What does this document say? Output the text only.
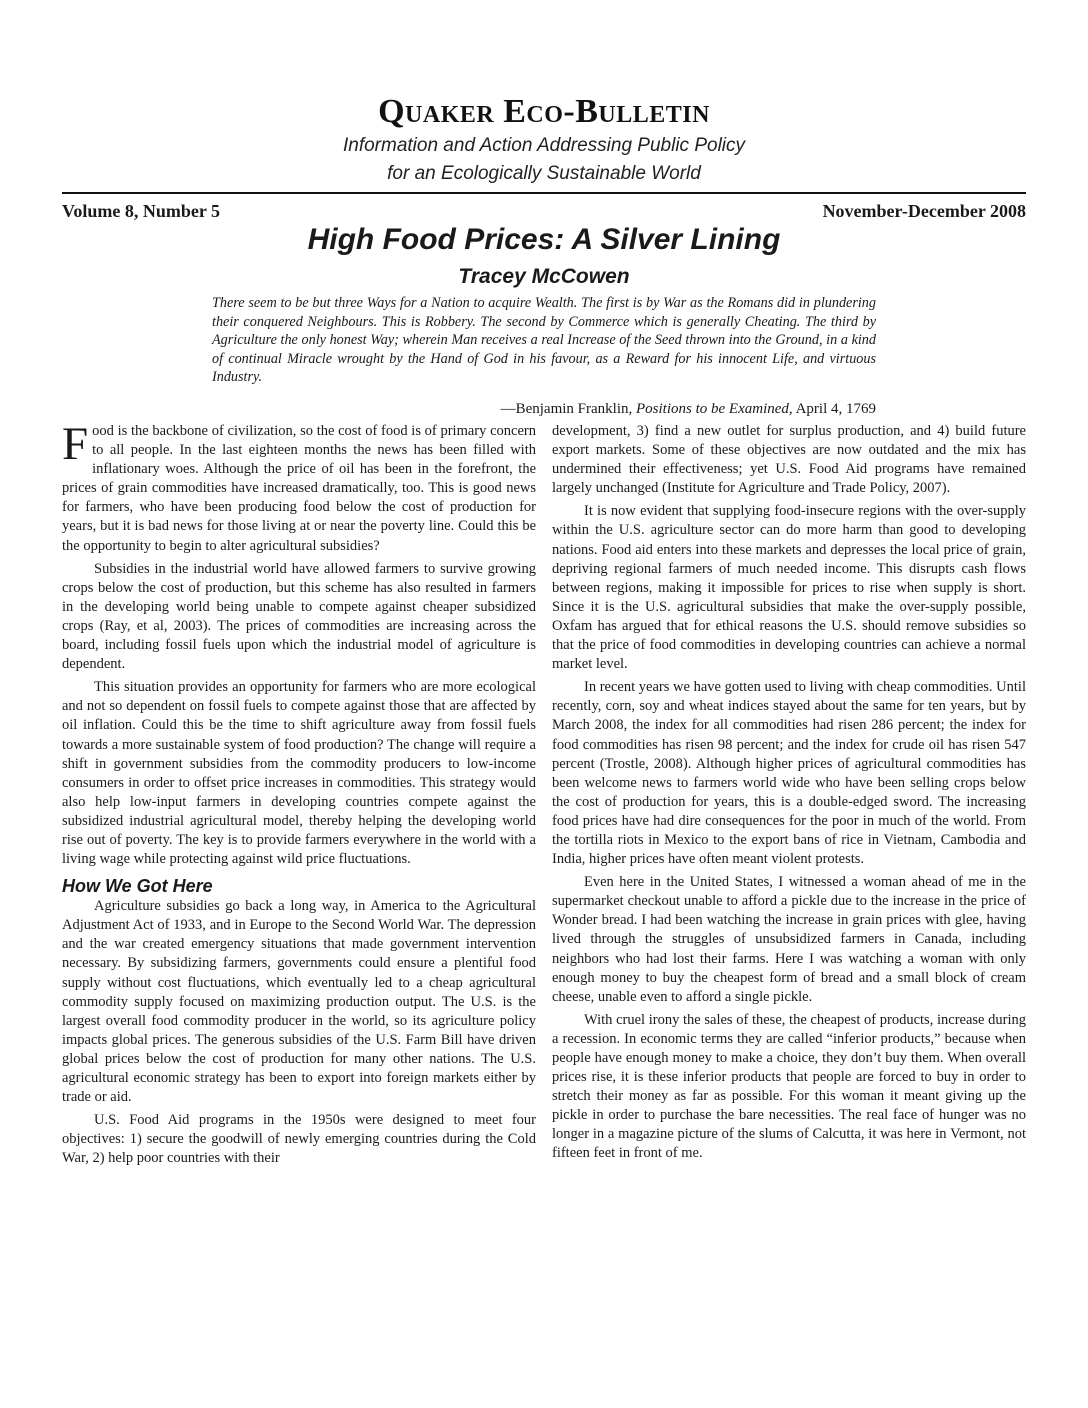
Quaker Eco-Bulletin
Information and Action Addressing Public Policy
for an Ecologically Sustainable World
Volume 8, Number 5	November-December 2008
High Food Prices: A Silver Lining
Tracey McCowen
There seem to be but three Ways for a Nation to acquire Wealth. The first is by War as the Romans did in plundering their conquered Neighbours. This is Robbery. The second by Commerce which is generally Cheating. The third by Agriculture the only honest Way; wherein Man receives a real Increase of the Seed thrown into the Ground, in a kind of continual Miracle wrought by the Hand of God in his favour, as a Reward for his innocent Life, and virtuous Industry.
—Benjamin Franklin, Positions to be Examined, April 4, 1769

Food is the backbone of civilization, so the cost of food is of primary concern to all people. In the last eighteen months the news has been filled with inflationary woes. Although the price of oil has been in the forefront, the prices of grain commodities have increased dramatically, too. This is good news for farmers, who have been producing food below the cost of production for years, but it is bad news for those living at or near the poverty line. Could this be the opportunity to begin to alter agricultural subsidies?

Subsidies in the industrial world have allowed farmers to survive growing crops below the cost of production, but this scheme has also resulted in farmers in the developing world being unable to compete against cheaper subsidized crops (Ray, et al, 2003). The prices of commodities are increasing across the board, including fossil fuels upon which the industrial model of agriculture is dependent.

This situation provides an opportunity for farmers who are more ecological and not so dependent on fossil fuels to compete against those that are affected by oil inflation. Could this be the time to shift agriculture away from fossil fuels towards a more sustainable system of food production? The change will require a shift in government subsidies from the commodity producers to low-income consumers in order to offset price increases in commodities. This strategy would also help low-input farmers in developing countries compete against the subsidized industrial agricultural model, thereby helping the developing world rise out of poverty. The key is to provide farmers everywhere in the world with a living wage while protecting against wild price fluctuations.

How We Got Here

Agriculture subsidies go back a long way, in America to the Agricultural Adjustment Act of 1933, and in Europe to the Second World War. The depression and the war created emergency situations that made government intervention necessary. By subsidizing farmers, governments could ensure a plentiful food supply without cost fluctuations, which eventually led to a cheap agricultural commodity supply focused on maximizing production output. The U.S. is the largest overall food commodity producer in the world, so its agriculture policy impacts global prices. The generous subsidies of the U.S. Farm Bill have driven global prices below the cost of production for many other nations. The U.S. agricultural economic strategy has been to export into foreign markets either by trade or aid.

U.S. Food Aid programs in the 1950s were designed to meet four objectives: 1) secure the goodwill of newly emerging countries during the Cold War, 2) help poor countries with their

development, 3) find a new outlet for surplus production, and 4) build future export markets. Some of these objectives are now outdated and the mix has undermined their effectiveness; yet U.S. Food Aid programs have remained largely unchanged (Institute for Agriculture and Trade Policy, 2007).

It is now evident that supplying food-insecure regions with the over-supply within the U.S. agriculture sector can do more harm than good to developing nations. Food aid enters into these markets and depresses the local price of grain, depriving regional farmers of much needed income. This disrupts cash flows between regions, making it impossible for prices to rise when supply is short. Since it is the U.S. agricultural subsidies that make the over-supply possible, Oxfam has argued that for ethical reasons the U.S. should remove subsidies so that the price of food commodities in developing countries can achieve a normal market level.

In recent years we have gotten used to living with cheap commodities. Until recently, corn, soy and wheat indices stayed about the same for ten years, but by March 2008, the index for all commodities had risen 286 percent; the index for food commodities has risen 98 percent; and the index for crude oil has risen 547 percent (Trostle, 2008). Although higher prices of agricultural commodities has been welcome news to farmers world wide who have been selling crops below the cost of production for years, this is a double-edged sword. The increasing food prices have had dire consequences for the poor in much of the world. From the tortilla riots in Mexico to the export bans of rice in Vietnam, Cambodia and India, higher prices have often meant violent protests.

Even here in the United States, I witnessed a woman ahead of me in the supermarket checkout unable to afford a pickle due to the increase in the price of Wonder bread. I had been watching the increase in grain prices with glee, having lived through the struggles of unsubsidized farmers in Canada, including neighbors who had lost their farms. Here I was watching a woman with only enough money to buy the cheapest form of bread and a small block of cream cheese, unable even to afford a single pickle.

With cruel irony the sales of these, the cheapest of products, increase during a recession. In economic terms they are called “inferior products,” because when people have enough money to make a choice, they don’t buy them. When overall prices rise, it is these inferior products that people are forced to buy in order to stretch their money as far as possible. For this woman it meant giving up the pickle in order to purchase the bare necessities. The real face of hunger was no longer in a magazine picture of the slums of Calcutta, it was here in Vermont, not fifteen feet in front of me.
